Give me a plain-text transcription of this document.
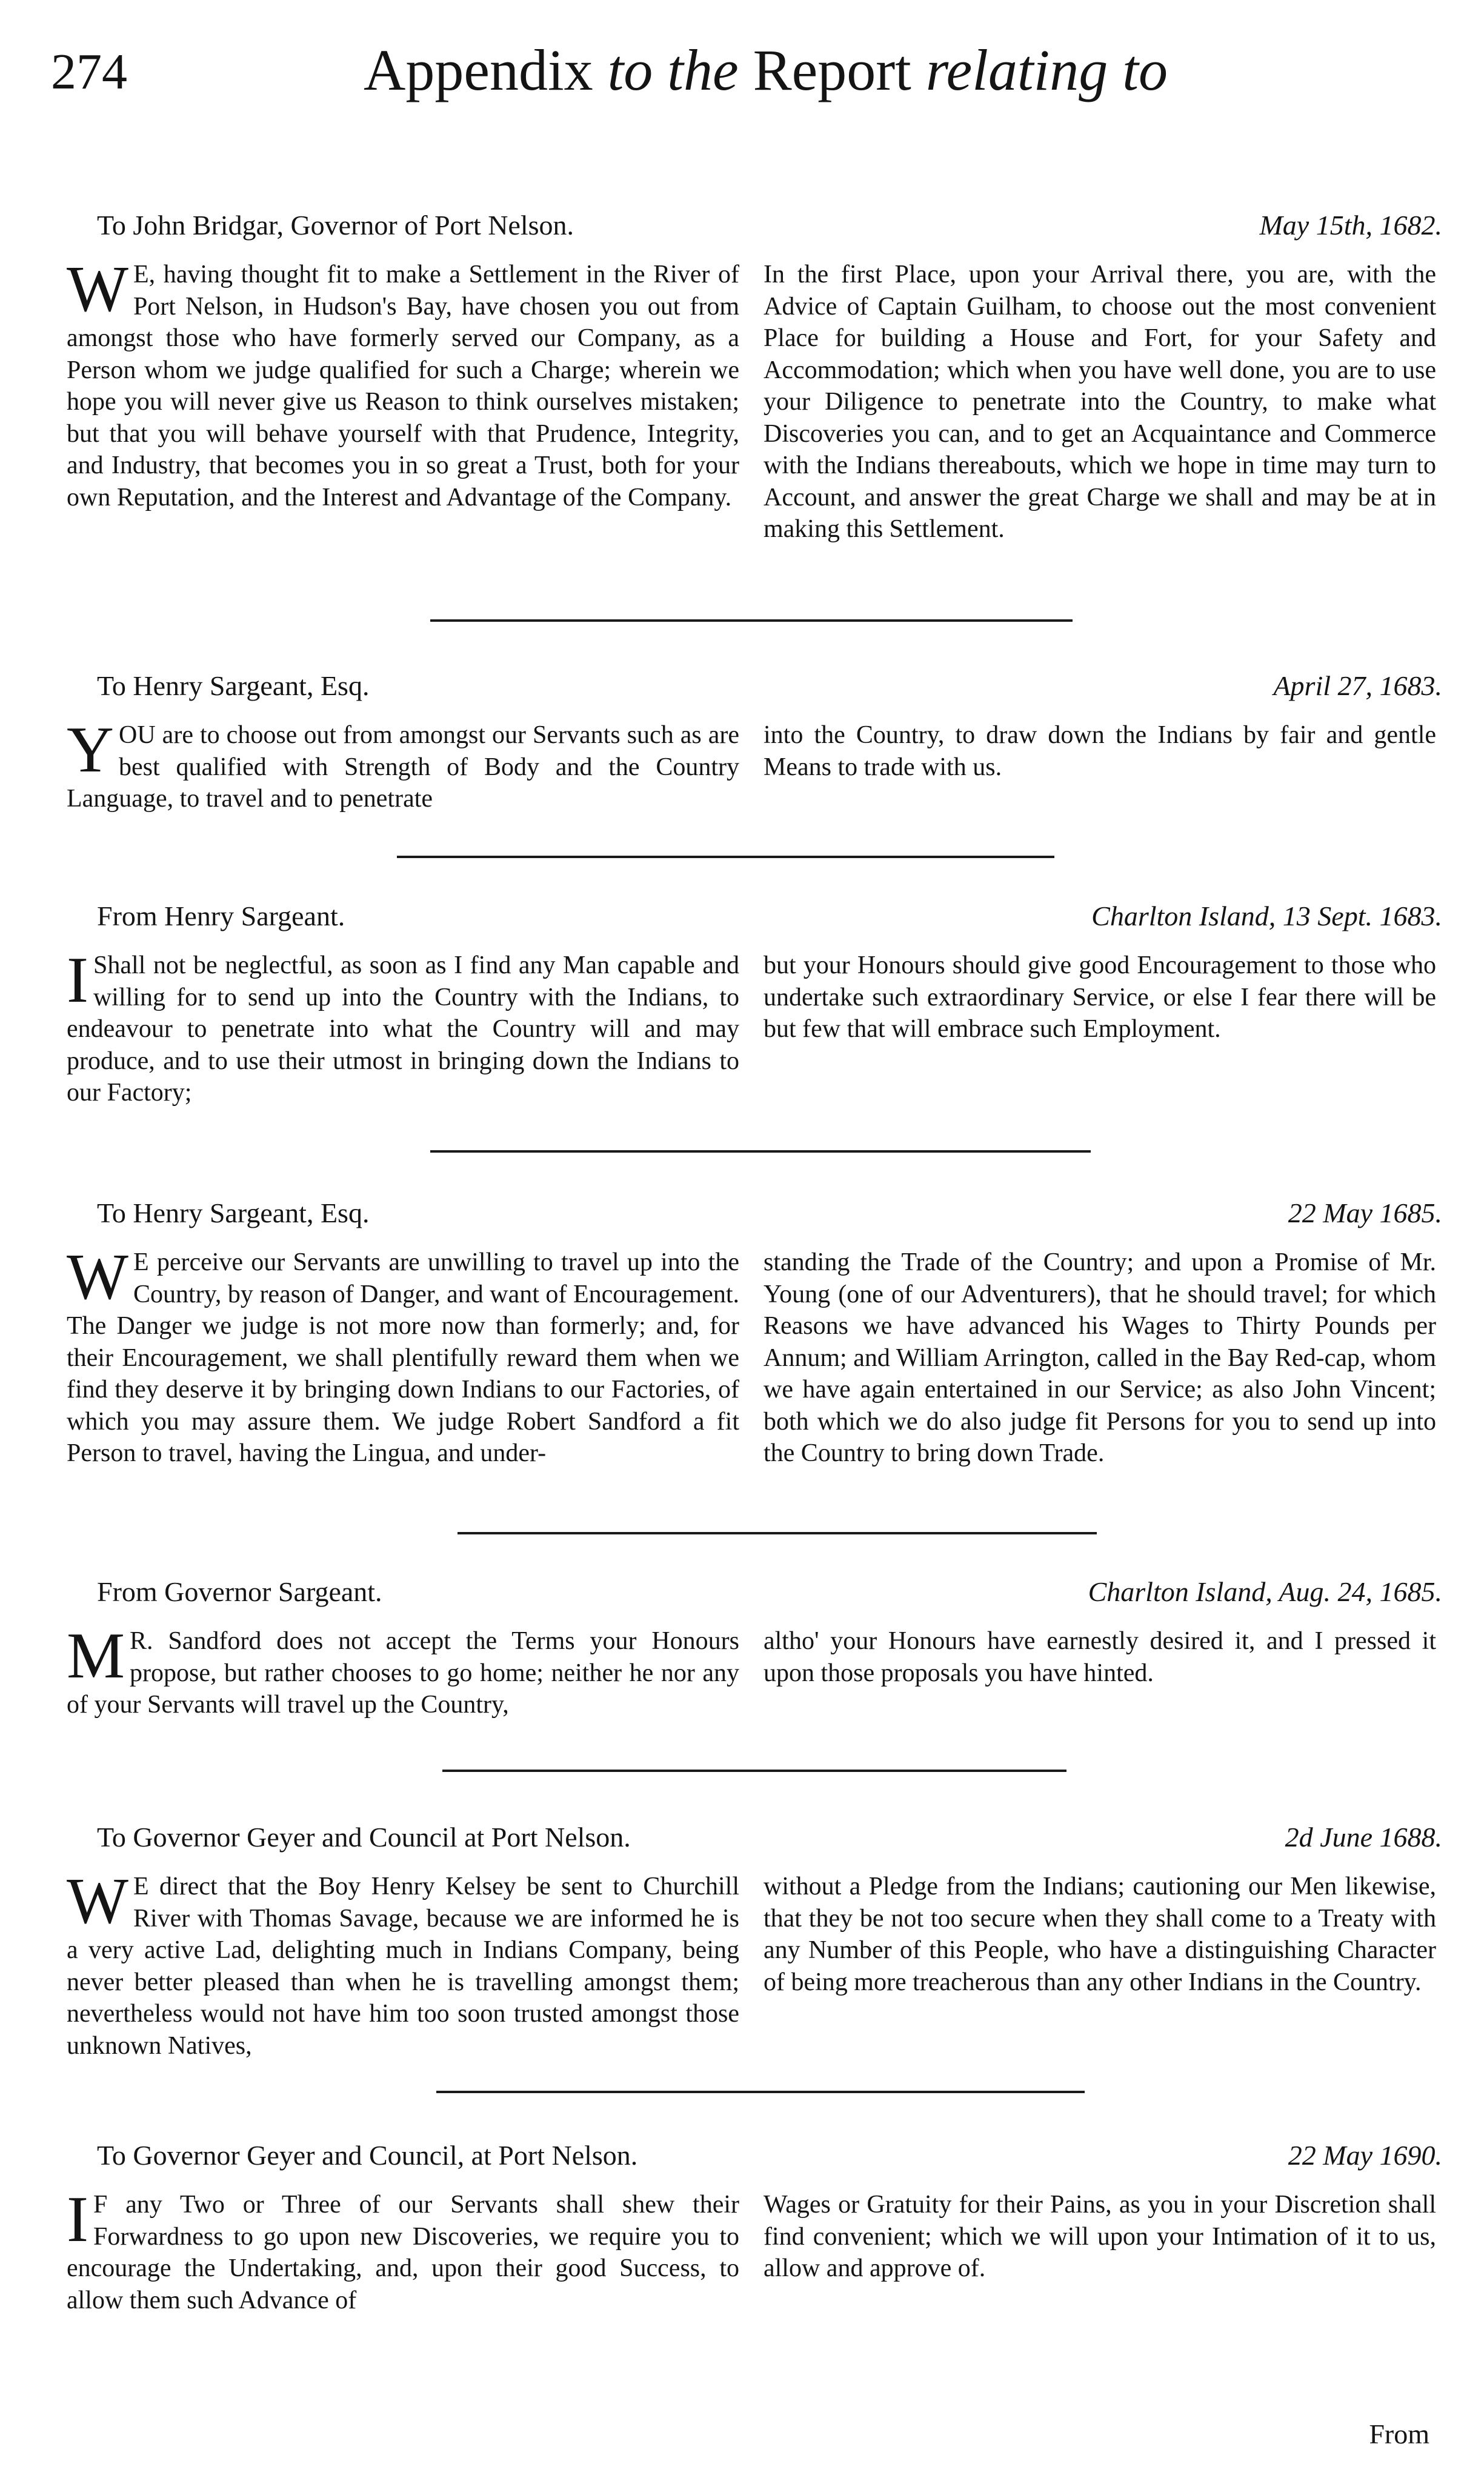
274	Appendix to the Report relating to
To John Bridgar, Governor of Port Nelson.	May 15th, 1682.
W E, having thought fit to make a Settlement in the River of Port Nelson, in Hudson's Bay, have chosen you out from amongst those who have formerly served our Company, as a Person whom we judge qualified for such a Charge; wherein we hope you will never give us Reason to think ourselves mistaken; but that you will behave yourself with that Prudence, Integrity, and Industry, that becomes you in so great a Trust, both for your own Reputation, and the Interest and Advantage of the Company.
In the first Place, upon your Arrival there, you are, with the Advice of Captain Guilham, to choose out the most convenient Place for building a House and Fort, for your Safety and Accommodation; which when you have well done, you are to use your Diligence to penetrate into the Country, to make what Discoveries you can, and to get an Acquaintance and Commerce with the Indians thereabouts, which we hope in time may turn to Account, and answer the great Charge we shall and may be at in making this Settlement.
To Henry Sargeant, Esq.	April 27, 1683.
YOU are to choose out from amongst our Servants such as are best qualified with Strength of Body and the Country Language, to travel and to penetrate
into the Country, to draw down the Indians by fair and gentle Means to trade with us.
From Henry Sargeant.	Charlton Island, 13 Sept. 1683.
I Shall not be neglectful, as soon as I find any Man capable and willing for to send up into the Country with the Indians, to endeavour to penetrate into what the Country will and may produce, and to use their utmost in bringing down the Indians to our Factory;
but your Honours should give good Encouragement to those who undertake such extraordinary Service, or else I fear there will be but few that will embrace such Employment.
To Henry Sargeant, Esq.	22 May 1685.
W E perceive our Servants are unwilling to travel up into the Country, by reason of Danger, and want of Encouragement. The Danger we judge is not more now than formerly; and, for their Encouragement, we shall plentifully reward them when we find they deserve it by bringing down Indians to our Factories, of which you may assure them. We judge Robert Sandford a fit Person to travel, having the Lingua, and under-
standing the Trade of the Country; and upon a Promise of Mr. Young (one of our Adventurers), that he should travel; for which Reasons we have advanced his Wages to Thirty Pounds per Annum; and William Arrington, called in the Bay Red-cap, whom we have again entertained in our Service; as also John Vincent; both which we do also judge fit Persons for you to send up into the Country to bring down Trade.
From Governor Sargeant.	Charlton Island, Aug. 24, 1685.
M R. Sandford does not accept the Terms your Honours propose, but rather chooses to go home; neither he nor any of your Servants will travel up the Country,
altho' your Honours have earnestly desired it, and I pressed it upon those proposals you have hinted.
To Governor Geyer and Council at Port Nelson.	2d June 1688.
W E direct that the Boy Henry Kelsey be sent to Churchill River with Thomas Savage, because we are informed he is a very active Lad, delighting much in Indians Company, being never better pleased than when he is travelling amongst them; nevertheless would not have him too soon trusted amongst those unknown Natives,
without a Pledge from the Indians; cautioning our Men likewise, that they be not too secure when they shall come to a Treaty with any Number of this People, who have a distinguishing Character of being more treacherous than any other Indians in the Country.
To Governor Geyer and Council, at Port Nelson.	22 May 1690.
I F any Two or Three of our Servants shall shew their Forwardness to go upon new Discoveries, we require you to encourage the Undertaking, and, upon their good Success, to allow them such Advance of
Wages or Gratuity for their Pains, as you in your Discretion shall find convenient; which we will upon your Intimation of it to us, allow and approve of.
From
